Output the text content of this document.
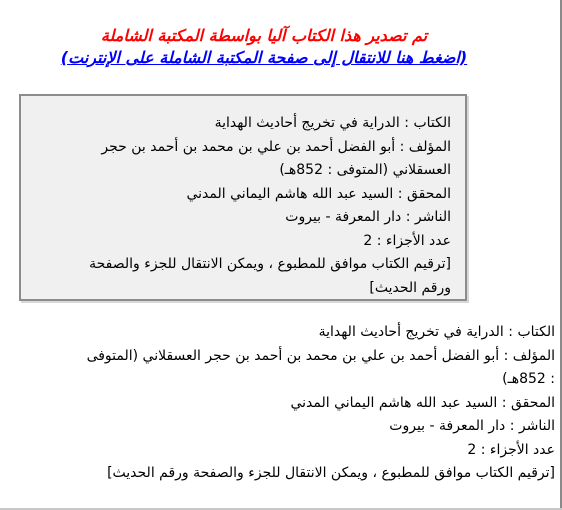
تم تصدير هذا الكتاب آليا بواسطة المكتبة الشاملة
(اضغط هنا للانتقال إلى صفحة المكتبة الشاملة على الإنترنت)
الكتاب : الدراية في تخريج أحاديث الهداية
المؤلف : أبو الفضل أحمد بن علي بن محمد بن أحمد بن حجر
العسقلاني (المتوفى : 852هـ)
المحقق : السيد عبد الله هاشم اليماني المدني
الناشر : دار المعرفة - بيروت
عدد الأجزاء : 2
[ترقيم الكتاب موافق للمطبوع ، ويمكن الانتقال للجزء والصفحة
ورقم الحديث]
الكتاب : الدراية في تخريج أحاديث الهداية
المؤلف : أبو الفضل أحمد بن علي بن محمد بن أحمد بن حجر العسقلاني (المتوفى
: 852هـ)
المحقق : السيد عبد الله هاشم اليماني المدني
الناشر : دار المعرفة - بيروت
عدد الأجزاء : 2
[ترقيم الكتاب موافق للمطبوع ، ويمكن الانتقال للجزء والصفحة ورقم الحديث]
